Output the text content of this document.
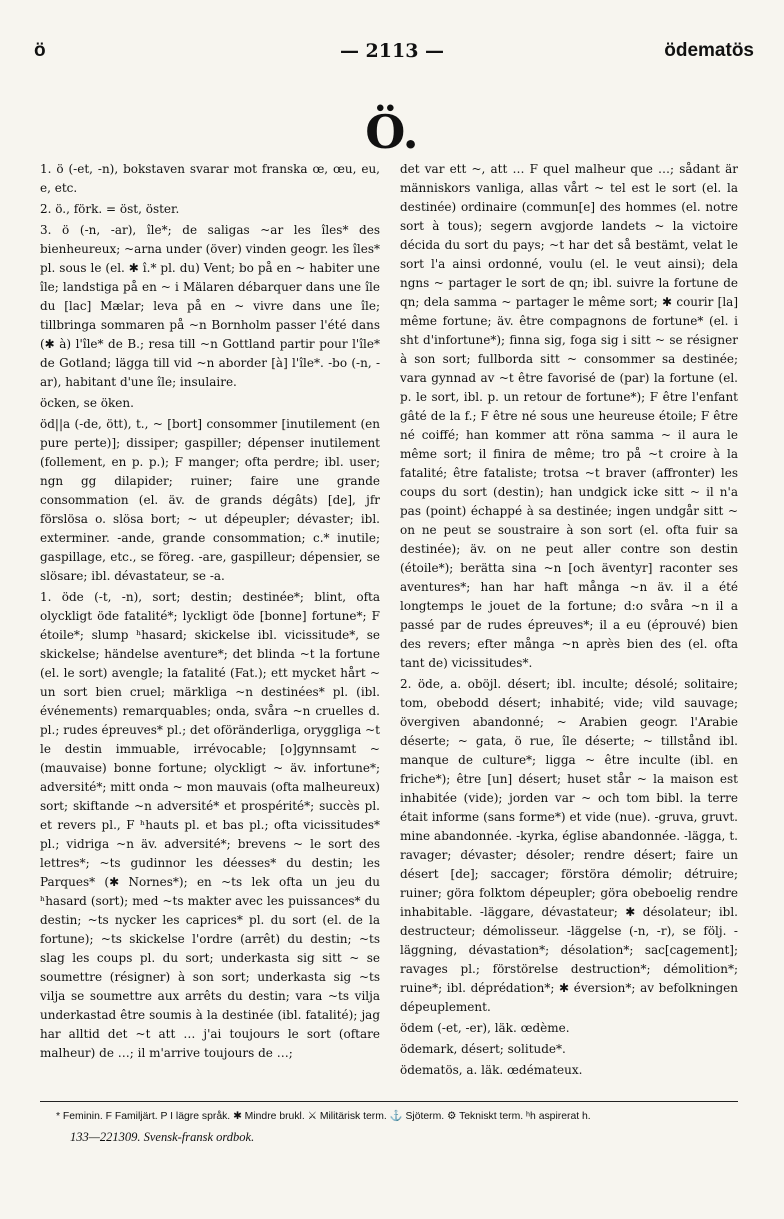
ö	— 2113 —	ödematös
Ö.

1. ö (-et, -n), bokstaven svarar mot franska œ, œu, eu, e, etc.

2. ö., förk. = öst, öster.

3. ö (-n, -ar), île*; de saligas ~ar les îles* des bienheureux; ~arna under (över) vinden geogr. les îles* pl. sous le (el. ✱ î.* pl. du) Vent; bo på en ~ habiter une île; landstiga på en ~ i Mälaren débarquer dans une île du [lac] Mælar; leva på en ~ vivre dans une île; tillbringa sommaren på ~n Bornholm passer l'été dans (✱ à) l'île* de B.; resa till ~n Gottland partir pour l'île* de Gotland; lägga till vid ~n aborder [à] l'île*. -bo (-n, -ar), habitant d'une île; insulaire.

öcken, se öken.

öd||a (-de, ött), t., ~ [bort] consommer [inutilement (en pure perte)]; dissiper; gaspiller; dépenser inutilement (follement, en p. p.); F manger; ofta perdre; ibl. user; ngn gg dilapider; ruiner; faire une grande consommation (el. äv. de grands dégâts) [de], jfr förslösa o. slösa bort; ~ ut dépeupler; dévaster; ibl. exterminer. -ande, grande consommation; c.* inutile; gaspillage, etc., se föreg. -are, gaspilleur; dépensier, se slösare; ibl. dévastateur, se -a.

1. öde (-t, -n), sort; destin; destinée*; blint, ofta olyckligt öde fatalité*; lyckligt öde [bonne] fortune*; F étoile*; slump ʰhasard; skickelse ibl. vicissitude*, se skickelse; händelse aventure*; det blinda ~t la fortune (el. le sort) avengle; la fatalité (Fat.); ett mycket hårt ~ un sort bien cruel; märkliga ~n destinées* pl. (ibl. événements) remarquables; onda, svåra ~n cruelles d. pl.; rudes épreuves* pl.; det oföränderliga, oryggliga ~t le destin immuable, irrévocable; [o]gynnsamt ~ (mauvaise) bonne fortune; olyckligt ~ äv. infortune*; adversité*; mitt onda ~ mon mauvais (ofta malheureux) sort; skiftande ~n adversité* et prospérité*; succès pl. et revers pl., F ʰhauts pl. et bas pl.; ofta vicissitudes* pl.; vidriga ~n äv. adversité*; brevens ~ le sort des lettres*; ~ts gudinnor les déesses* du destin; les Parques* (✱ Nornes*); en ~ts lek ofta un jeu du ʰhasard (sort); med ~ts makter avec les puissances* du destin; ~ts nycker les caprices* pl. du sort (el. de la fortune); ~ts skickelse l'ordre (arrêt) du destin; ~ts slag les coups pl. du sort; underkasta sig sitt ~ se soumettre (résigner) à son sort; underkasta sig ~ts vilja se soumettre aux arrêts du destin; vara ~ts vilja underkastad être soumis à la destinée (ibl. fatalité); jag har alltid det ~t att … j'ai toujours le sort (oftare malheur) de …; il m'arrive toujours de …;

det var ett ~, att … F quel malheur que …; sådant är människors vanliga, allas vårt ~ tel est le sort (el. la destinée) ordinaire (commun[e] des hommes (el. notre sort à tous); segern avgjorde landets ~ la victoire décida du sort du pays; ~t har det så bestämt, velat le sort l'a ainsi ordonné, voulu (el. le veut ainsi); dela ngns ~ partager le sort de qn; ibl. suivre la fortune de qn; dela samma ~ partager le même sort; ✱ courir [la] même fortune; äv. être compagnons de fortune* (el. i sht d'infortune*); finna sig, foga sig i sitt ~ se résigner à son sort; fullborda sitt ~ consommer sa destinée; vara gynnad av ~t être favorisé de (par) la fortune (el. p. le sort, ibl. p. un retour de fortune*); F être l'enfant gâté de la f.; F être né sous une heureuse étoile; F être né coiffé; han kommer att röna samma ~ il aura le même sort; il finira de même; tro på ~t croire à la fatalité; être fataliste; trotsa ~t braver (affronter) les coups du sort (destin); han undgick icke sitt ~ il n'a pas (point) échappé à sa destinée; ingen undgår sitt ~ on ne peut se soustraire à son sort (el. ofta fuir sa destinée); äv. on ne peut aller contre son destin (étoile*); berätta sina ~n [och äventyr] raconter ses aventures*; han har haft många ~n äv. il a été longtemps le jouet de la fortune; d:o svåra ~n il a passé par de rudes épreuves*; il a eu (éprouvé) bien des revers; efter många ~n après bien des (el. ofta tant de) vicissitudes*.

2. öde, a. oböjl. désert; ibl. inculte; désolé; solitaire; tom, obebodd désert; inhabité; vide; vild sauvage; övergiven abandonné; ~ Arabien geogr. l'Arabie déserte; ~ gata, ö rue, île déserte; ~ tillstånd ibl. manque de culture*; ligga ~ être inculte (ibl. en friche*); être [un] désert; huset står ~ la maison est inhabitée (vide); jorden var ~ och tom bibl. la terre était informe (sans forme*) et vide (nue). -gruva, gruvt. mine abandonnée. -kyrka, église abandonnée. -lägga, t. ravager; dévaster; désoler; rendre désert; faire un désert [de]; saccager; förstöra démolir; détruire; ruiner; göra folktom dépeupler; göra obeboelig rendre inhabitable. -läggare, dévastateur; ✱ désolateur; ibl. destructeur; démolisseur. -läggelse (-n, -r), se följ. -läggning, dévastation*; désolation*; sac[cagement]; ravages pl.; förstörelse destruction*; démolition*; ruine*; ibl. déprédation*; ✱ éversion*; av befolkningen dépeuplement.

ödem (-et, -er), läk. œdème.

ödemark, désert; solitude*.

ödematös, a. läk. œdémateux.

* Feminin. F Familjärt. P I lägre språk. ✱ Mindre brukl. ⚔ Militärisk term. ⚓ Sjöterm. ⚙ Tekniskt term. ʰh aspirerat h.
133—221309. Svensk-fransk ordbok.
